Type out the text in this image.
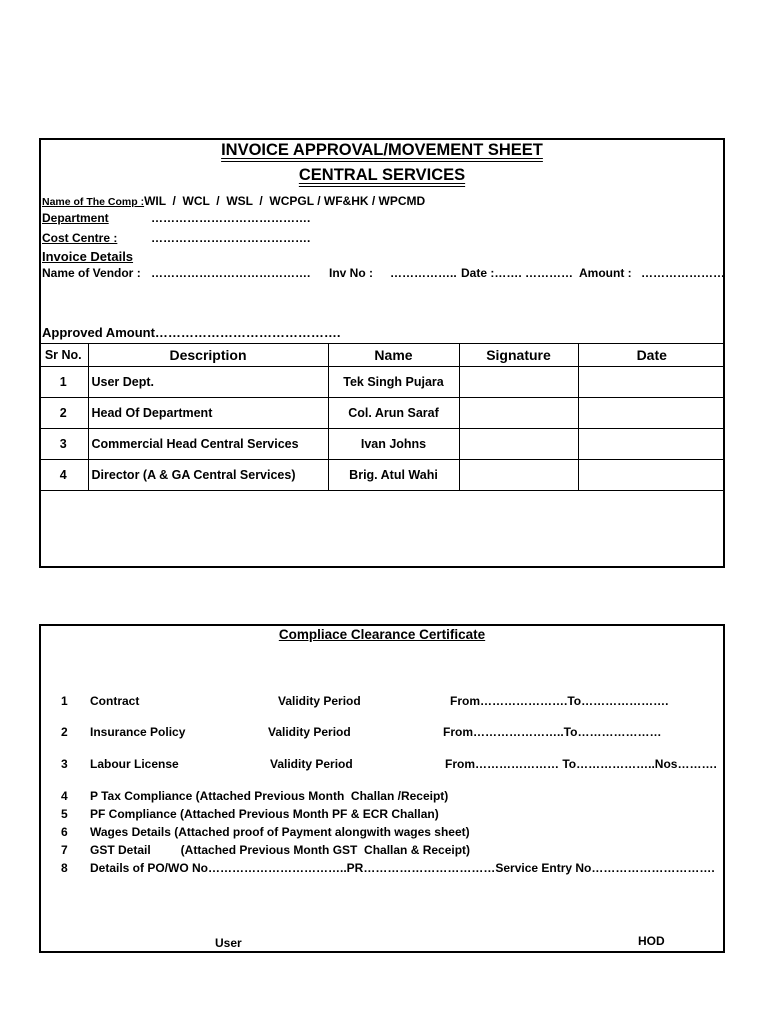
INVOICE APPROVAL/MOVEMENT SHEET
CENTRAL SERVICES
Name of The Comp :WIL  /  WCL  /  WSL  /  WCPGL / WF&HK / WPCMD
Department	………………………………….
Cost Centre :	………………………………….
Invoice Details
Name of Vendor : …………………………………. Inv No : …………….. Date :……. ………… Amount : …………………
Approved Amount…………………………………….
Sr No.	Description	Name	Signature	Date
1	User Dept.	Tek Singh Pujara		
2	Head Of Department	Col. Arun Saraf		
3	Commercial Head Central Services	Ivan Johns		
4	Director (A & GA Central Services)	Brig. Atul Wahi		
Compliace Clearance Certificate
1 Contract	Validity Period	From………………….To………………….
2 Insurance Policy	Validity Period	From…………………..To…………………
3 Labour License	Validity Period	From………………… To………………..Nos……….
4 P Tax Compliance (Attached Previous Month  Challan /Receipt)
5 PF Compliance (Attached Previous Month PF & ECR Challan)
6 Wages Details (Attached proof of Payment alongwith wages sheet)
7 GST Detail         (Attached Previous Month GST  Challan & Receipt)
8 Details of PO/WO No……………………………..PR……………………………Service Entry No………………………….
User	HOD
